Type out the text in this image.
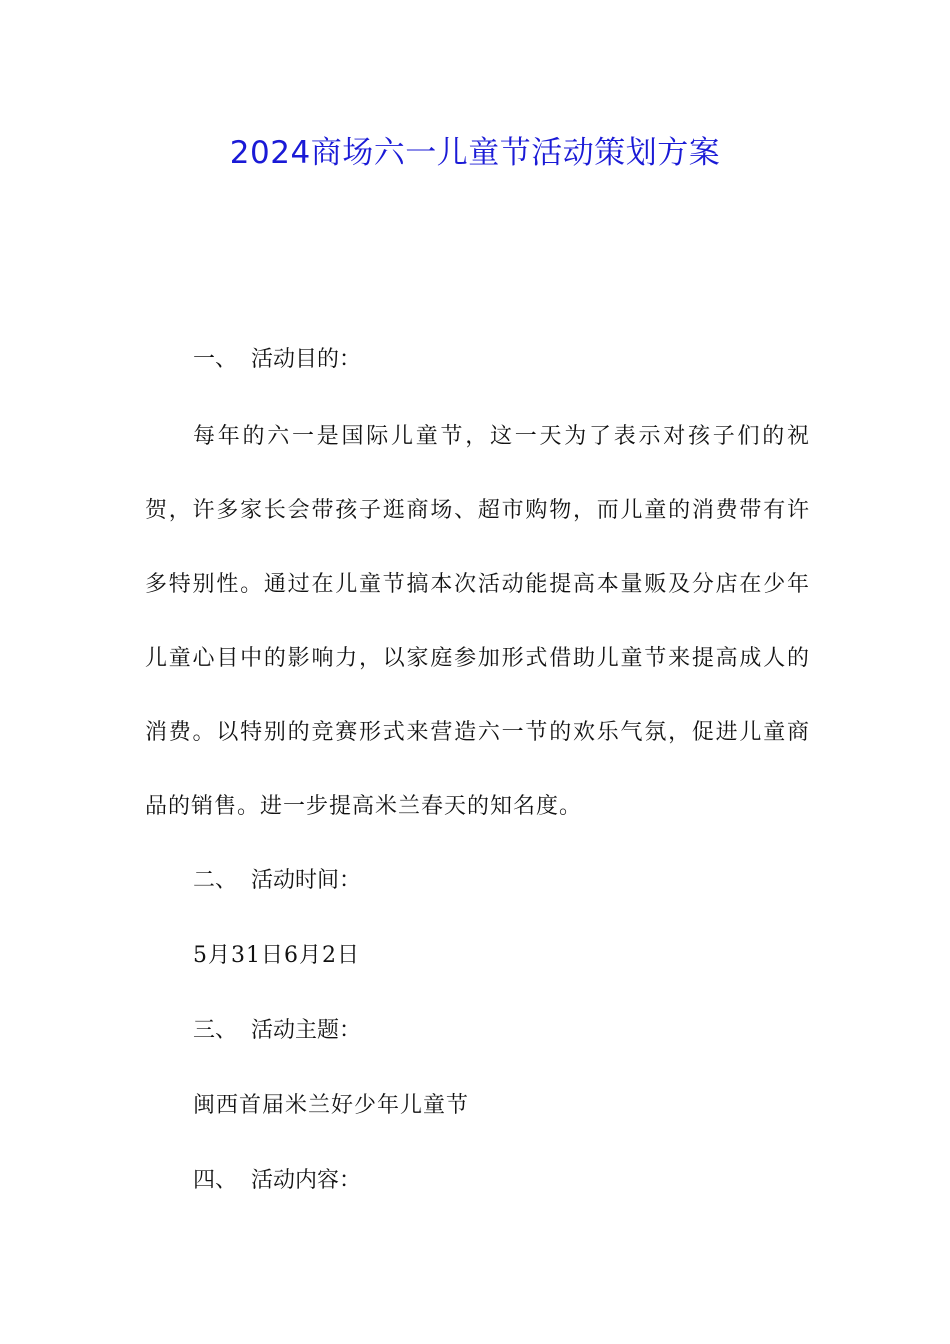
2024商场六一儿童节活动策划方案

一、 活动目的：

每年的六一是国际儿童节，这一天为了表示对孩子们的祝贺，许多家长会带孩子逛商场、超市购物，而儿童的消费带有许多特别性。通过在儿童节搞本次活动能提高本量贩及分店在少年儿童心目中的影响力，以家庭参加形式借助儿童节来提高成人的消费。以特别的竞赛形式来营造六一节的欢乐气氛，促进儿童商品的销售。进一步提高米兰春天的知名度。

二、 活动时间：

5月31日6月2日

三、 活动主题：

闽西首届米兰好少年儿童节

四、 活动内容：
